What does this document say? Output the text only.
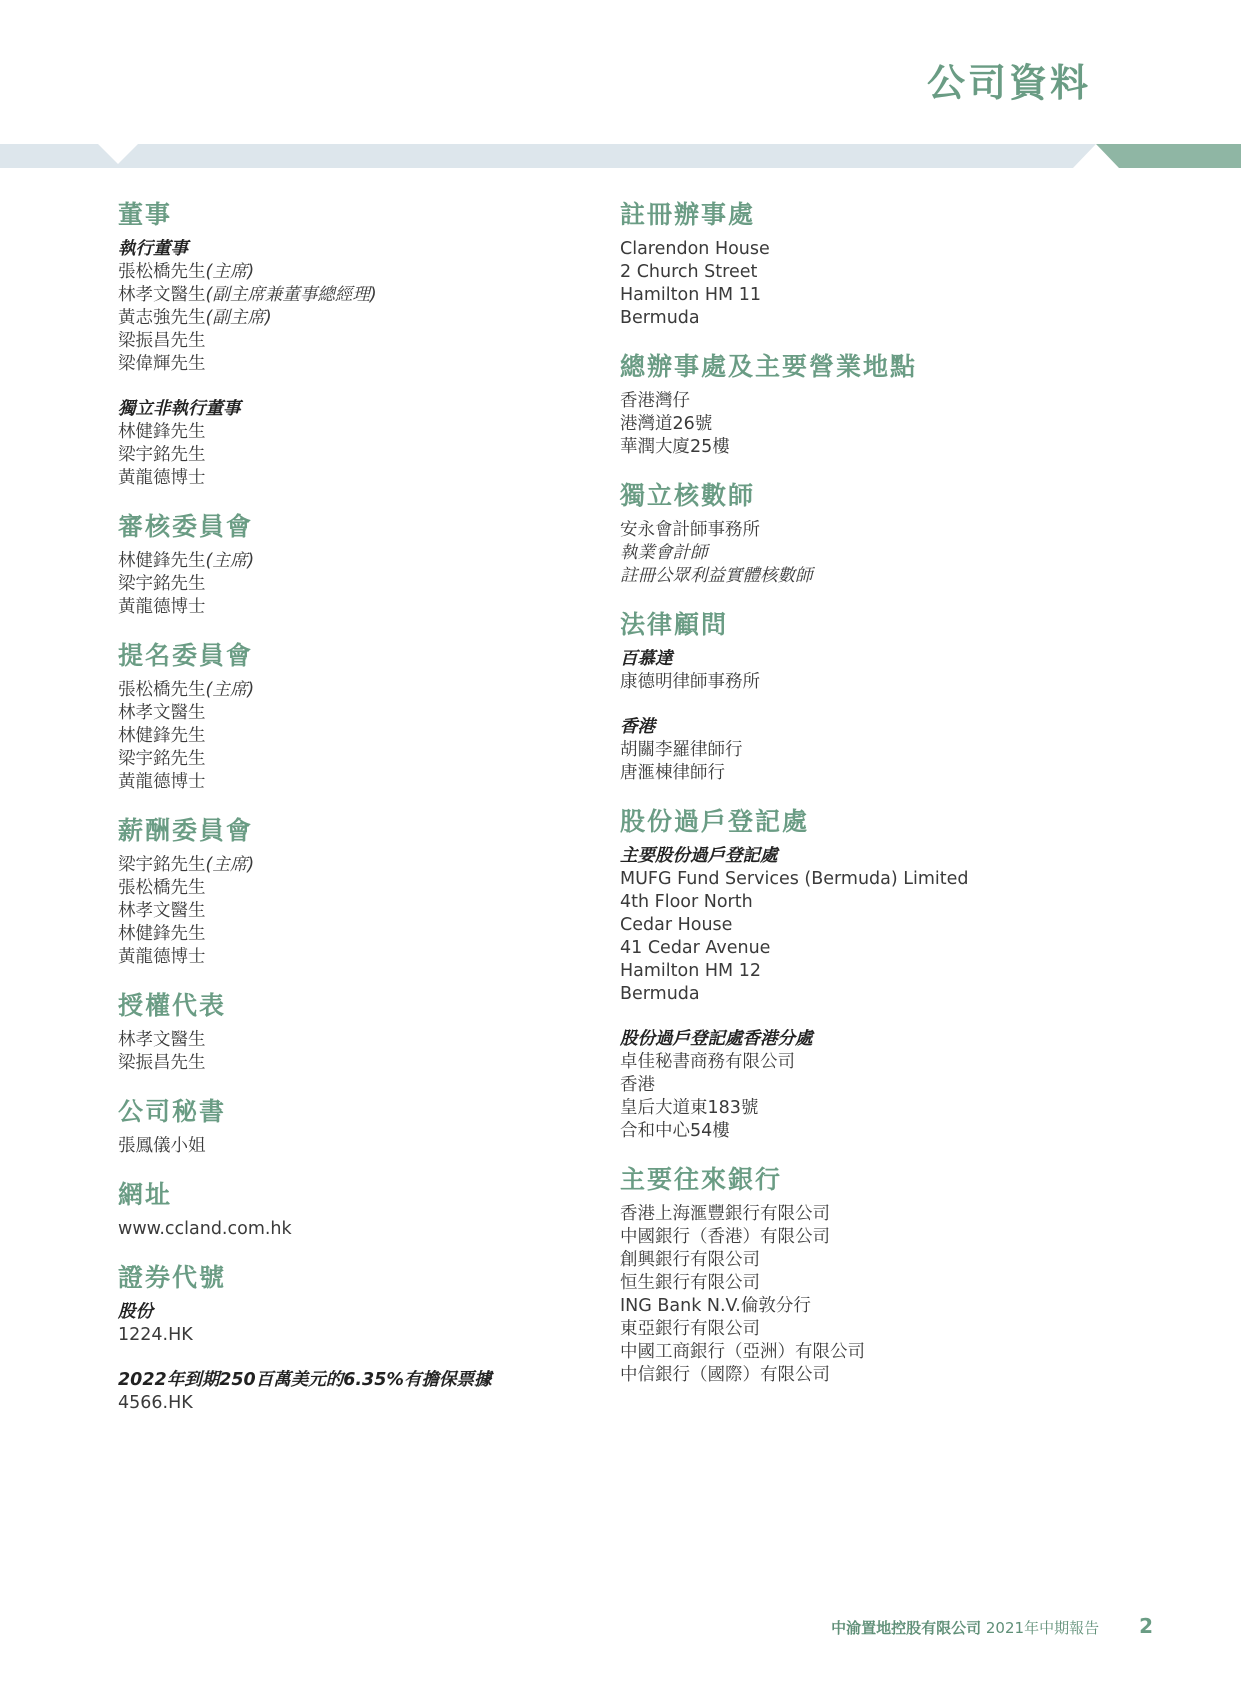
公司資料
董事
執行董事
張松橋先生(主席)
林孝文醫生(副主席兼董事總經理)
黃志強先生(副主席)
梁振昌先生
梁偉輝先生
獨立非執行董事
林健鋒先生
梁宇銘先生
黃龍德博士
審核委員會
林健鋒先生(主席)
梁宇銘先生
黃龍德博士
提名委員會
張松橋先生(主席)
林孝文醫生
林健鋒先生
梁宇銘先生
黃龍德博士
薪酬委員會
梁宇銘先生(主席)
張松橋先生
林孝文醫生
林健鋒先生
黃龍德博士
授權代表
林孝文醫生
梁振昌先生
公司秘書
張鳳儀小姐
網址
www.ccland.com.hk
證券代號
股份
1224.HK
2022年到期250百萬美元的6.35%有擔保票據
4566.HK
註冊辦事處
Clarendon House
2 Church Street
Hamilton HM 11
Bermuda
總辦事處及主要營業地點
香港灣仔
港灣道26號
華潤大廈25樓
獨立核數師
安永會計師事務所
執業會計師
註冊公眾利益實體核數師
法律顧問
百慕達
康德明律師事務所
香港
胡關李羅律師行
唐滙棟律師行
股份過戶登記處
主要股份過戶登記處
MUFG Fund Services (Bermuda) Limited
4th Floor North
Cedar House
41 Cedar Avenue
Hamilton HM 12
Bermuda
股份過戶登記處香港分處
卓佳秘書商務有限公司
香港
皇后大道東183號
合和中心54樓
主要往來銀行
香港上海滙豐銀行有限公司
中國銀行（香港）有限公司
創興銀行有限公司
恒生銀行有限公司
ING Bank N.V.倫敦分行
東亞銀行有限公司
中國工商銀行（亞洲）有限公司
中信銀行（國際）有限公司
中渝置地控股有限公司 2021年中期報告 2
